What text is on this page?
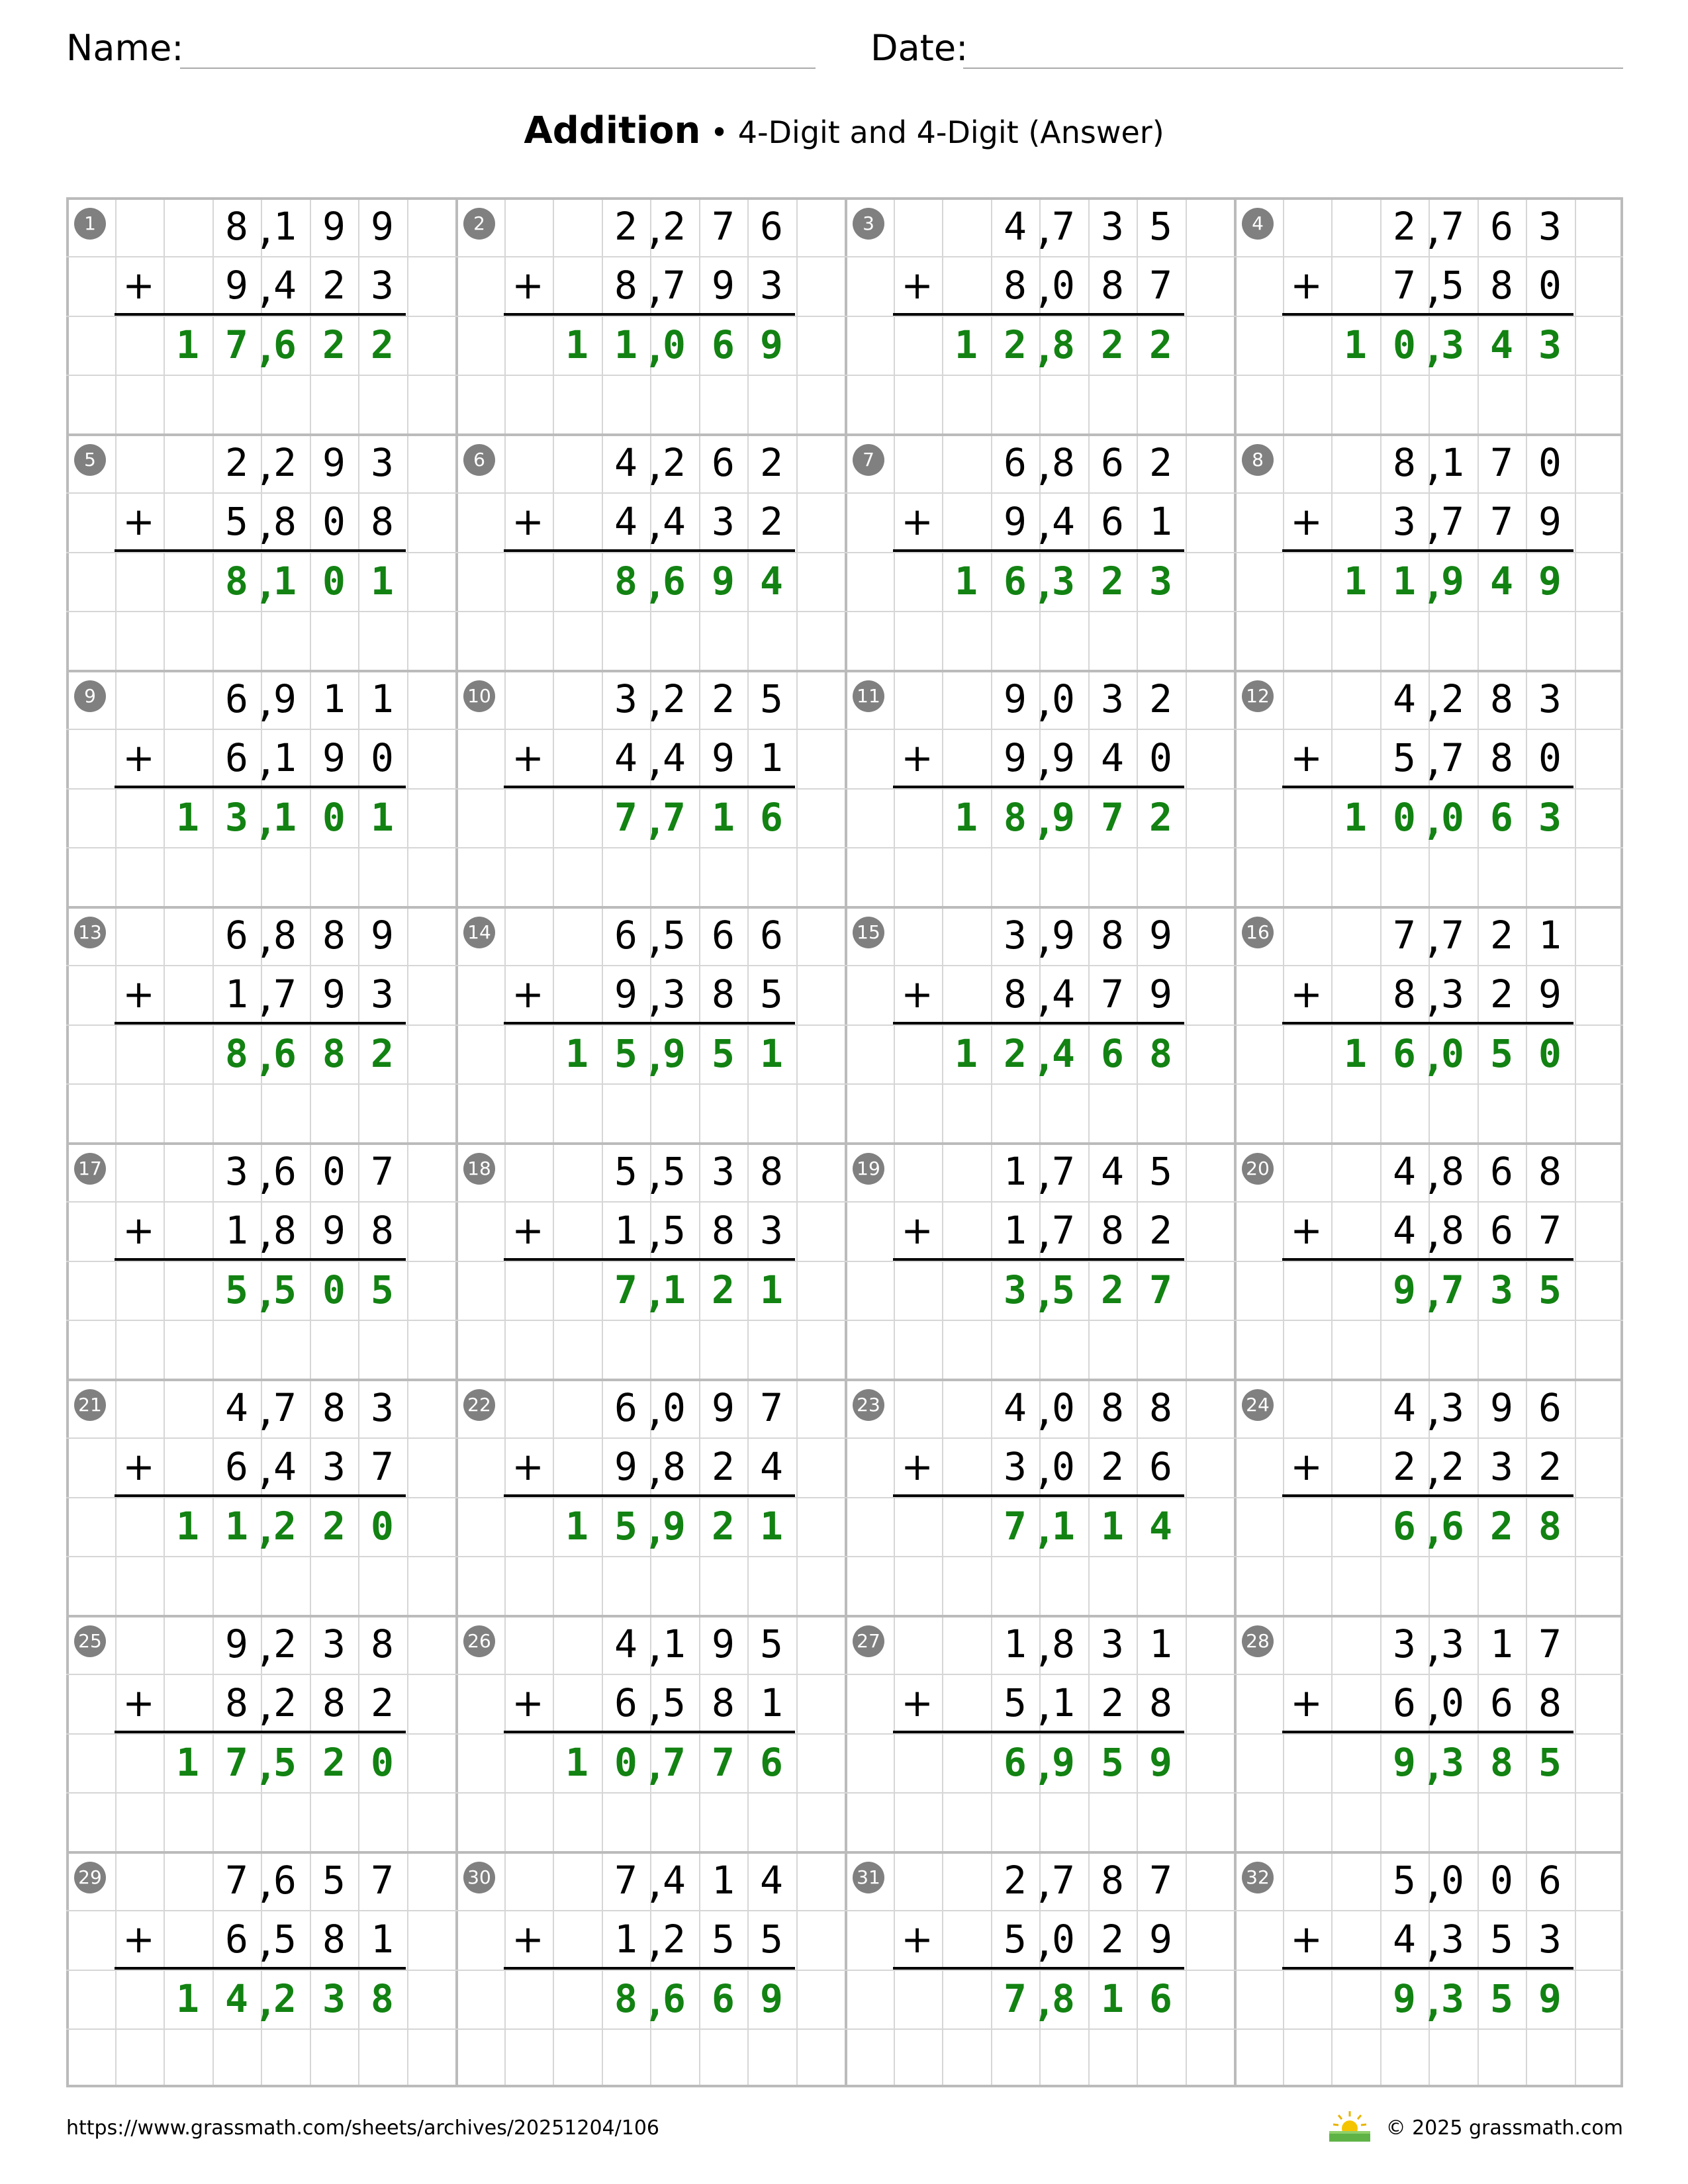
Name:	Date:
Addition • 4-Digit and 4-Digit (Answer)
1
+
8 1 9 9
,
9 4 2 3
,
1 7 6 2 2
,
2
+
2 2 7 6
,
8 7 9 3
,
1 1 0 6 9
,
3
+
4 7 3 5
,
8 0 8 7
,
1 2 8 2 2
,
4
+
2 7 6 3
,
7 5 8 0
,
1 0 3 4 3
,
5
+
2 2 9 3
,
5 8 0 8
,
8 1 0 1
,
6
+
4 2 6 2
,
4 4 3 2
,
8 6 9 4
,
7
+
6 8 6 2
,
9 4 6 1
,
1 6 3 2 3
,
8
+
8 1 7 0
,
3 7 7 9
,
1 1 9 4 9
,
9
+
6 9 1 1
,
6 1 9 0
,
1 3 1 0 1
,
10
+
3 2 2 5
,
4 4 9 1
,
7 7 1 6
,
11
+
9 0 3 2
,
9 9 4 0
,
1 8 9 7 2
,
12
+
4 2 8 3
,
5 7 8 0
,
1 0 0 6 3
,
13
+
6 8 8 9
,
1 7 9 3
,
8 6 8 2
,
14
+
6 5 6 6
,
9 3 8 5
,
1 5 9 5 1
,
15
+
3 9 8 9
,
8 4 7 9
,
1 2 4 6 8
,
16
+
7 7 2 1
,
8 3 2 9
,
1 6 0 5 0
,
17
+
3 6 0 7
,
1 8 9 8
,
5 5 0 5
,
18
+
5 5 3 8
,
1 5 8 3
,
7 1 2 1
,
19
+
1 7 4 5
,
1 7 8 2
,
3 5 2 7
,
20
+
4 8 6 8
,
4 8 6 7
,
9 7 3 5
,
21
+
4 7 8 3
,
6 4 3 7
,
1 1 2 2 0
,
22
+
6 0 9 7
,
9 8 2 4
,
1 5 9 2 1
,
23
+
4 0 8 8
,
3 0 2 6
,
7 1 1 4
,
24
+
4 3 9 6
,
2 2 3 2
,
6 6 2 8
,
25
+
9 2 3 8
,
8 2 8 2
,
1 7 5 2 0
,
26
+
4 1 9 5
,
6 5 8 1
,
1 0 7 7 6
,
27
+
1 8 3 1
,
5 1 2 8
,
6 9 5 9
,
28
+
3 3 1 7
,
6 0 6 8
,
9 3 8 5
,
29
+
7 6 5 7
,
6 5 8 1
,
1 4 2 3 8
,
30
+
7 4 1 4
,
1 2 5 5
,
8 6 6 9
,
31
+
2 7 8 7
,
5 0 2 9
,
7 8 1 6
,
32
+
5 0 0 6
,
4 3 5 3
,
9 3 5 9
,
https://www.grassmath.com/sheets/archives/20251204/106	© 2025 grassmath.com
